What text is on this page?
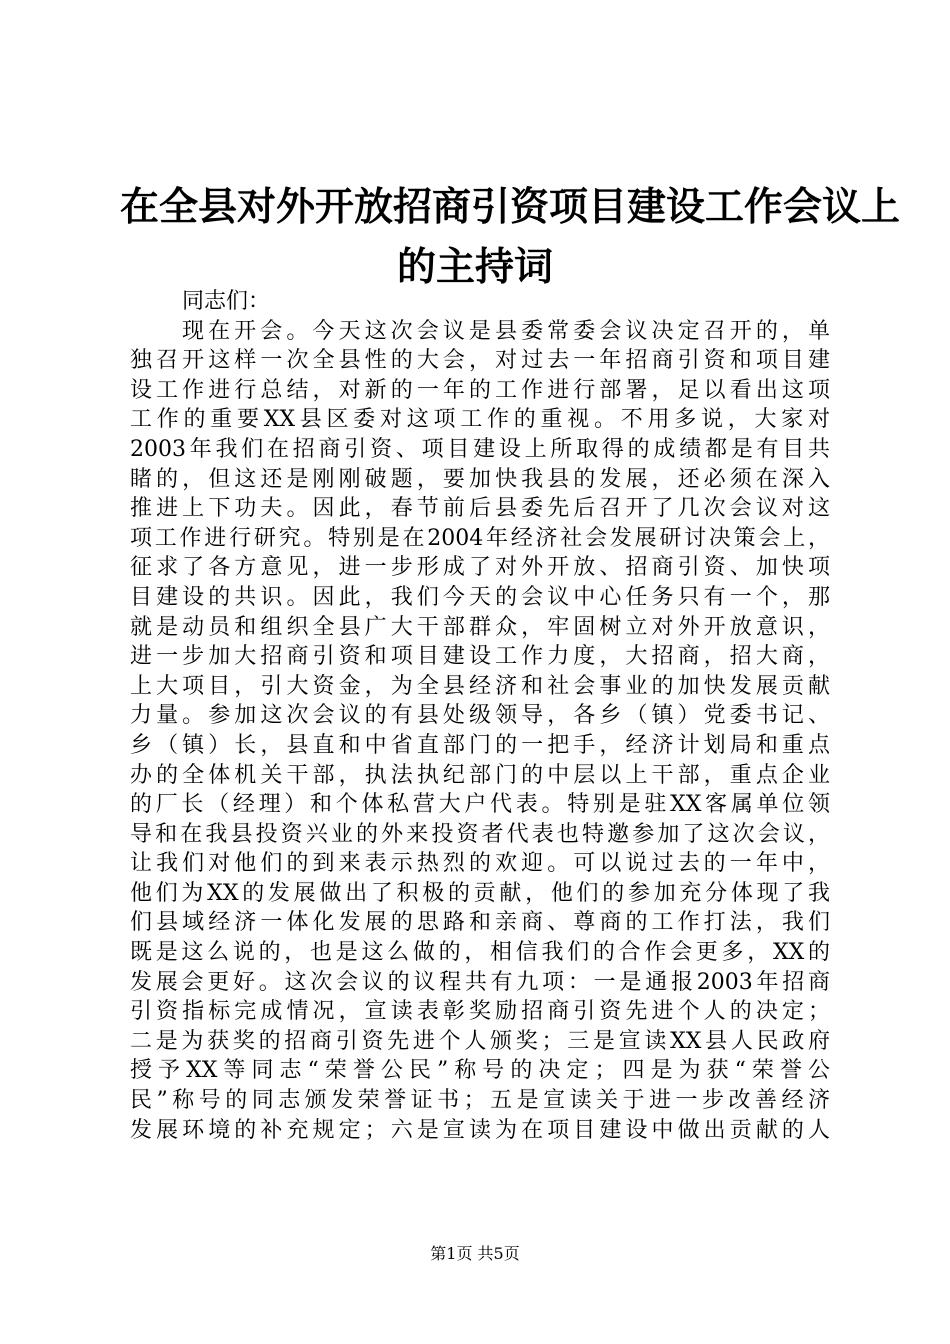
在全县对外开放招商引资项目建设工作会议上
的主持词
同志们：
现在开会。今天这次会议是县委常委会议决定召开的，单
独召开这样一次全县性的大会，对过去一年招商引资和项目建
设工作进行总结，对新的一年的工作进行部署，足以看出这项
工作的重要XX县区委对这项工作的重视。不用多说，大家对
2003年我们在招商引资、项目建设上所取得的成绩都是有目共
睹的，但这还是刚刚破题，要加快我县的发展，还必须在深入
推进上下功夫。因此，春节前后县委先后召开了几次会议对这
项工作进行研究。特别是在2004年经济社会发展研讨决策会上，
征求了各方意见，进一步形成了对外开放、招商引资、加快项
目建设的共识。因此，我们今天的会议中心任务只有一个，那
就是动员和组织全县广大干部群众，牢固树立对外开放意识，
进一步加大招商引资和项目建设工作力度，大招商，招大商，
上大项目，引大资金，为全县经济和社会事业的加快发展贡献
力量。参加这次会议的有县处级领导，各乡（镇）党委书记、
乡（镇）长，县直和中省直部门的一把手，经济计划局和重点
办的全体机关干部，执法执纪部门的中层以上干部，重点企业
的厂长（经理）和个体私营大户代表。特别是驻XX客属单位领
导和在我县投资兴业的外来投资者代表也特邀参加了这次会议，
让我们对他们的到来表示热烈的欢迎。可以说过去的一年中，
他们为XX的发展做出了积极的贡献，他们的参加充分体现了我
们县域经济一体化发展的思路和亲商、尊商的工作打法，我们
既是这么说的，也是这么做的，相信我们的合作会更多，XX的
发展会更好。这次会议的议程共有九项：一是通报2003年招商
引资指标完成情况，宣读表彰奖励招商引资先进个人的决定；
二是为获奖的招商引资先进个人颁奖；三是宣读XX县人民政府
授予XX等同志“荣誉公民”称号的决定；四是为获“荣誉公
民”称号的同志颁发荣誉证书；五是宣读关于进一步改善经济
发展环境的补充规定；六是宣读为在项目建设中做出贡献的人
第1页 共5页
